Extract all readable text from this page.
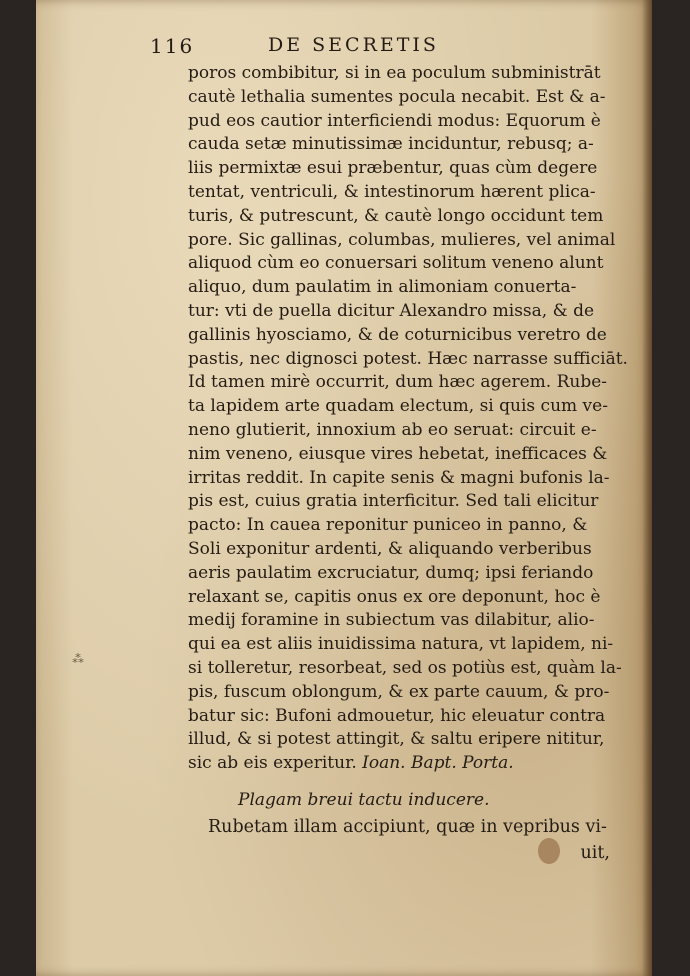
116	DE SECRETIS
poros combibitur, si in ea poculum subministrāt
cautè lethalia sumentes pocula necabit. Est & a-
pud eos cautior interficiendi modus: Equorum è
cauda setæ minutissimæ inciduntur, rebusq; a-
liis permixtæ esui præbentur, quas cùm degere
tentat, ventriculi, & intestinorum hærent plica-
turis, & putrescunt, & cautè longo occidunt tem
pore. Sic gallinas, columbas, mulieres, vel animal
aliquod cùm eo conuersari solitum veneno alunt
aliquo, dum paulatim in alimoniam conuerta-
tur: vti de puella dicitur Alexandro missa, & de
gallinis hyosciamo, & de coturnicibus veretro de
pastis, nec dignosci potest. Hæc narrasse sufficiāt.
Id tamen mirè occurrit, dum hæc agerem. Rube-
ta lapidem arte quadam electum, si quis cum ve-
neno glutierit, innoxium ab eo seruat: circuit e-
nim veneno, eiusque vires hebetat, inefficaces &
irritas reddit. In capite senis & magni bufonis la-
pis est, cuius gratia interficitur. Sed tali elicitur
pacto: In cauea reponitur puniceo in panno, &
Soli exponitur ardenti, & aliquando verberibus
aeris paulatim excruciatur, dumq; ipsi feriando
relaxant se, capitis onus ex ore deponunt, hoc è
medij foramine in subiectum vas dilabitur, alio-
qui ea est aliis inuidissima natura, vt lapidem, ni-
si tolleretur, resorbeat, sed os potiùs est, quàm la-
pis, fuscum oblongum, & ex parte cauum, & pro-
batur sic: Bufoni admouetur, hic eleuatur contra
illud, & si potest attingit, & saltu eripere nititur,
sic ab eis experitur. Ioan. Bapt. Porta.
Plagam breui tactu inducere.
Rubetam illam accipiunt, quæ in vepribus vi-
uit,
⁂
